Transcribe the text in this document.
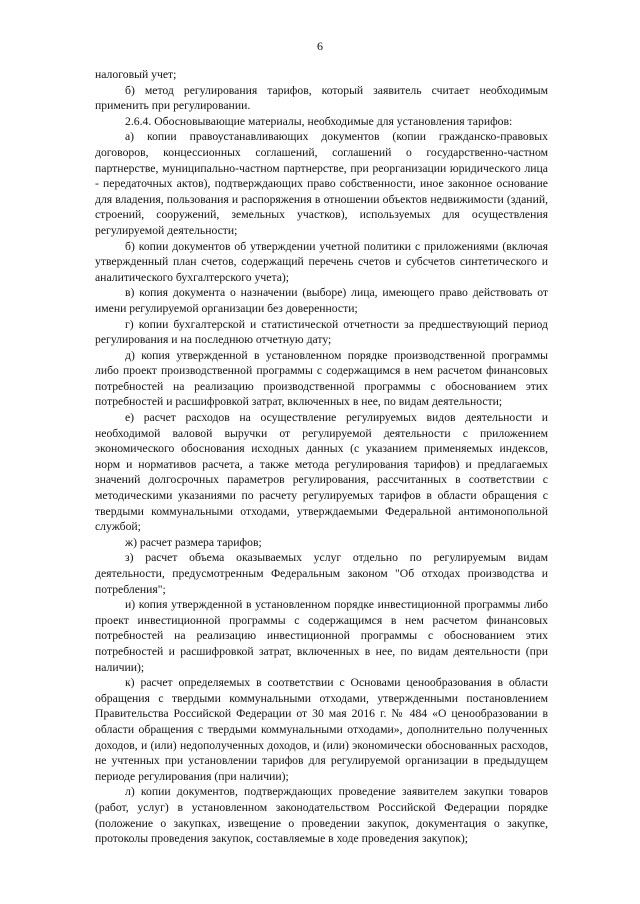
6

налоговый учет;

б) метод регулирования тарифов, который заявитель считает необходимым применить при регулировании.

2.6.4. Обосновывающие материалы, необходимые для установления тарифов:

а) копии правоустанавливающих документов (копии гражданско-правовых договоров, концессионных соглашений, соглашений о государственно-частном партнерстве, муниципально-частном партнерстве, при реорганизации юридического лица - передаточных актов), подтверждающих право собственности, иное законное основание для владения, пользования и распоряжения в отношении объектов недвижимости (зданий, строений, сооружений, земельных участков), используемых для осуществления регулируемой деятельности;

б) копии документов об утверждении учетной политики с приложениями (включая утвержденный план счетов, содержащий перечень счетов и субсчетов синтетического и аналитического бухгалтерского учета);

в) копия документа о назначении (выборе) лица, имеющего право действовать от имени регулируемой организации без доверенности;

г) копии бухгалтерской и статистической отчетности за предшествующий период регулирования и на последнюю отчетную дату;

д) копия утвержденной в установленном порядке производственной программы либо проект производственной программы с содержащимся в нем расчетом финансовых потребностей на реализацию производственной программы с обоснованием этих потребностей и расшифровкой затрат, включенных в нее, по видам деятельности;

е) расчет расходов на осуществление регулируемых видов деятельности и необходимой валовой выручки от регулируемой деятельности с приложением экономического обоснования исходных данных (с указанием применяемых индексов, норм и нормативов расчета, а также метода регулирования тарифов) и предлагаемых значений долгосрочных параметров регулирования, рассчитанных в соответствии с методическими указаниями по расчету регулируемых тарифов в области обращения с твердыми коммунальными отходами, утверждаемыми Федеральной антимонопольной службой;

ж) расчет размера тарифов;

з) расчет объема оказываемых услуг отдельно по регулируемым видам деятельности, предусмотренным Федеральным законом "Об отходах производства и потребления";

и) копия утвержденной в установленном порядке инвестиционной программы либо проект инвестиционной программы с содержащимся в нем расчетом финансовых потребностей на реализацию инвестиционной программы с обоснованием этих потребностей и расшифровкой затрат, включенных в нее, по видам деятельности (при наличии);

к) расчет определяемых в соответствии с Основами ценообразования в области обращения с твердыми коммунальными отходами, утвержденными постановлением Правительства Российской Федерации от 30 мая 2016 г. № 484 «О ценообразовании в области обращения с твердыми коммунальными отходами», дополнительно полученных доходов, и (или) недополученных доходов, и (или) экономически обоснованных расходов, не учтенных при установлении тарифов для регулируемой организации в предыдущем периоде регулирования (при наличии);

л) копии документов, подтверждающих проведение заявителем закупки товаров (работ, услуг) в установленном законодательством Российской Федерации порядке (положение о закупках, извещение о проведении закупок, документация о закупке, протоколы проведения закупок, составляемые в ходе проведения закупок);
